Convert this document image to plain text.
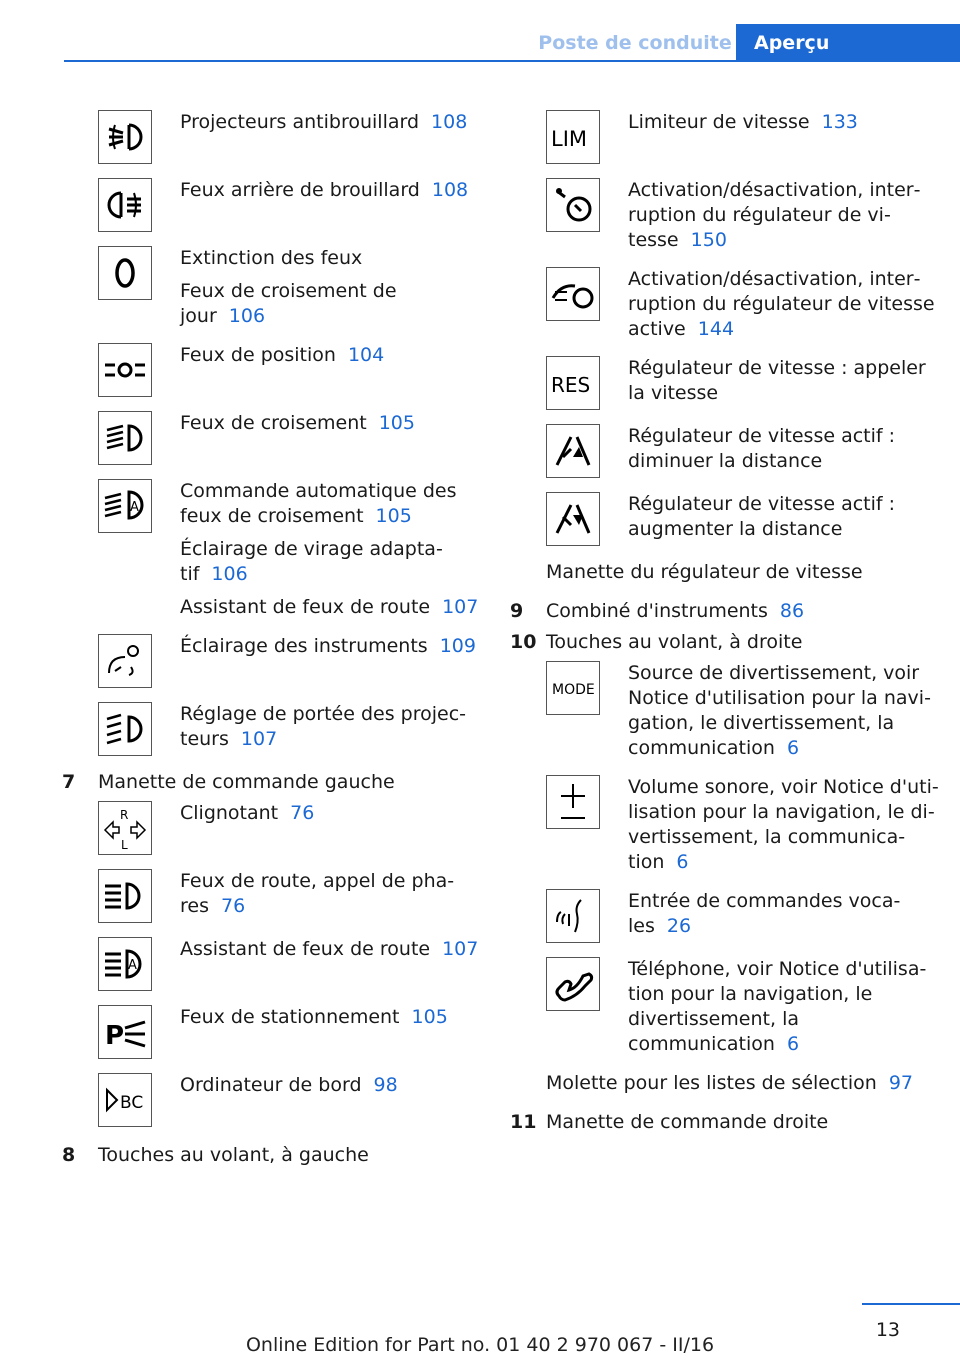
Poste de conduite	Aperçu

Projecteurs antibrouillard 108

Feux arrière de brouillard 108

Extinction des feux

Feux de croisement de jour 106

Feux de position 104

Feux de croisement 105

A

Commande automatique des feux de croisement 105

Éclairage de virage adaptatif 106

Assistant de feux de route 107

Éclairage des instruments 109

Réglage de portée des projecteurs 107

7	Manette de commande gauche
R
L

Clignotant 76

Feux de route, appel de phares 76

A

Assistant de feux de route 107

P

Feux de stationnement 105

BC

Ordinateur de bord 98

8	Touches au volant, à gauche
LIM

Limiteur de vitesse 133

Activation/désactivation, interruption du régulateur de vitesse 150

Activation/désactivation, interruption du régulateur de vitesse active 144

RES

Régulateur de vitesse : appeler la vitesse

Régulateur de vitesse actif : diminuer la distance

Régulateur de vitesse actif : augmenter la distance

Manette du régulateur de vitesse

9	Combiné d'instruments 86
10 Touches au volant, à droite
MODE

Source de divertissement, voir Notice d'utilisation pour la navigation, le divertissement, la communication 6

Volume sonore, voir Notice d'utilisation pour la navigation, le divertissement, la communication 6

Entrée de commandes vocales 26

Téléphone, voir Notice d'utilisation pour la navigation, le divertissement, la communication 6

Molette pour les listes de sélection 97

11 Manette de commande droite
13
Online Edition for Part no. 01 40 2 970 067 - II/16
